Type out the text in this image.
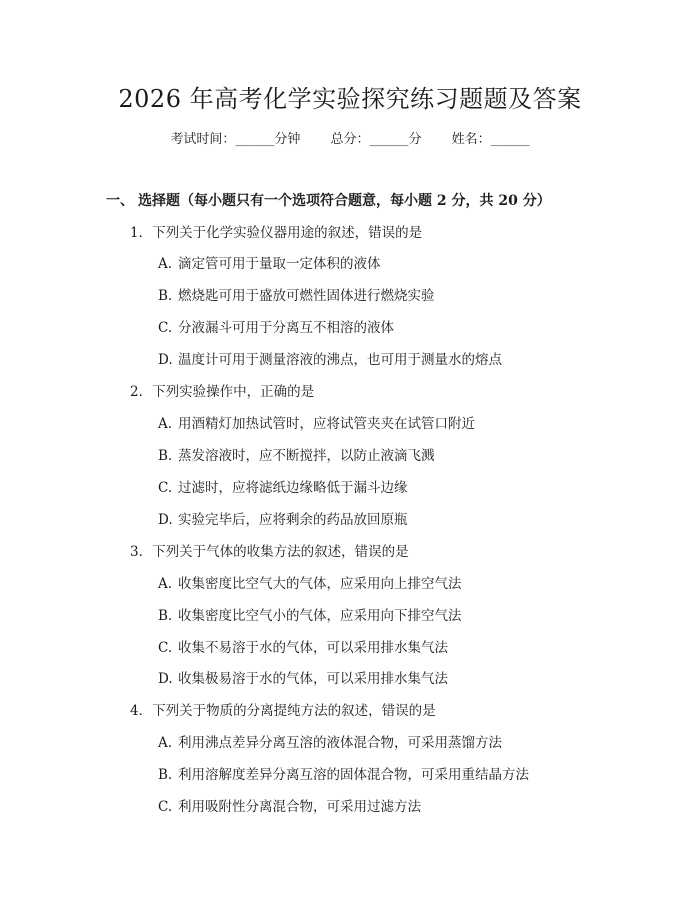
2026 年高考化学实验探究练习题题及答案
考试时间：______分钟 总分：______分 姓名：______
一、 选择题（每小题只有一个选项符合题意，每小题 2 分，共 20 分）
1．下列关于化学实验仪器用途的叙述，错误的是
A. 滴定管可用于量取一定体积的液体
B. 燃烧匙可用于盛放可燃性固体进行燃烧实验
C. 分液漏斗可用于分离互不相溶的液体
D. 温度计可用于测量溶液的沸点，也可用于测量水的熔点
2．下列实验操作中，正确的是
A. 用酒精灯加热试管时，应将试管夹夹在试管口附近
B. 蒸发溶液时，应不断搅拌，以防止液滴飞溅
C. 过滤时，应将滤纸边缘略低于漏斗边缘
D. 实验完毕后，应将剩余的药品放回原瓶
3．下列关于气体的收集方法的叙述，错误的是
A. 收集密度比空气大的气体，应采用向上排空气法
B. 收集密度比空气小的气体，应采用向下排空气法
C. 收集不易溶于水的气体，可以采用排水集气法
D. 收集极易溶于水的气体，可以采用排水集气法
4．下列关于物质的分离提纯方法的叙述，错误的是
A. 利用沸点差异分离互溶的液体混合物，可采用蒸馏方法
B. 利用溶解度差异分离互溶的固体混合物，可采用重结晶方法
C. 利用吸附性分离混合物，可采用过滤方法
